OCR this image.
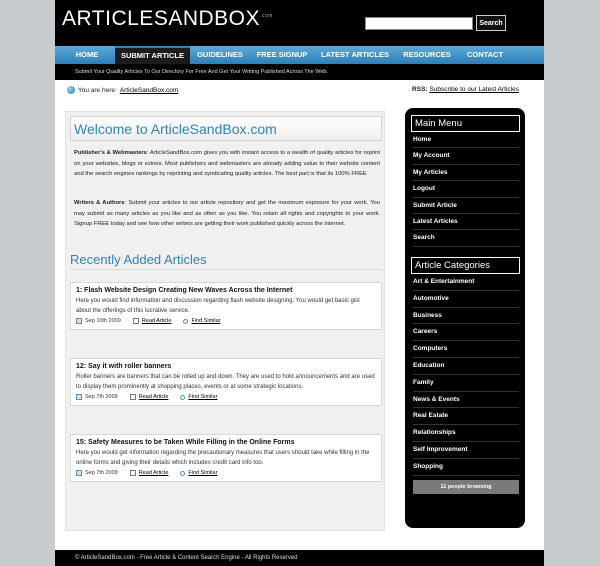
$ARTICLESANDBOX^{.com}$
Search
HOME	SUBMIT ARTICLE	GUIDELINES	FREE SIGNUP	LATEST ARTICLES	RESOURCES	CONTACT
Submit Your Quality Articles To Our Directory For Free And Get Your Writing Published Across The Web.
You are here: ArticleSandBox.com	RSS: Subscribe to our Latest Articles
Welcome to ArticleSandBox.com
Publisher's & Webmasters: ArticleSandBox.com gives you with instant access to a wealth of quality articles for reprint on your websites, blogs or ezines. Most publishers and webmasters are already adding value to their website content and the search engines rankings by reprinting and syndicating quality articles. The best part is that its 100% FREE
Writers & Authors: Submit your articles to our article repository and get the maximum exposure for your work. You may submit as many articles as you like and as often as you like. You retain all rights and copyrights to your work. Signup FREE today and see how other writers are getting their work published quickly across the internet.
Recently Added Articles
1: Flash Website Design Creating New Waves Across the Internet
Here you would find information and discussion regarding flash website designing. You would get basic gist about the offerings of this lucrative service.
Sep 10th 2009	Read Article	Find Similar
12: Say it with roller banners
Roller banners are banners that can be rolled up and down. They are used to hold announcements and are used to display them prominently at shopping places, events or at some strategic locations.
Sep 7th 2009	Read Article	Find Similar
15: Safety Measures to be Taken While Filling in the Online Forms
Here you would get information regarding the precautionary measures that users should take while filling in the online forms and giving their details which includes credit card info too.
Sep 7th 2009	Read Article	Find Similar
Main Menu
Home
My Account
My Articles
Logout
Submit Article
Latest Articles
Search
Article Categories
Art & Entertainment
Automotive
Business
Careers
Computers
Education
Family
News & Events
Real Estate
Relationships
Self Improvement
Shopping
11 people browsing
© ArticleSandBox.com - Free Article & Content Search Engine - All Rights Reserved
